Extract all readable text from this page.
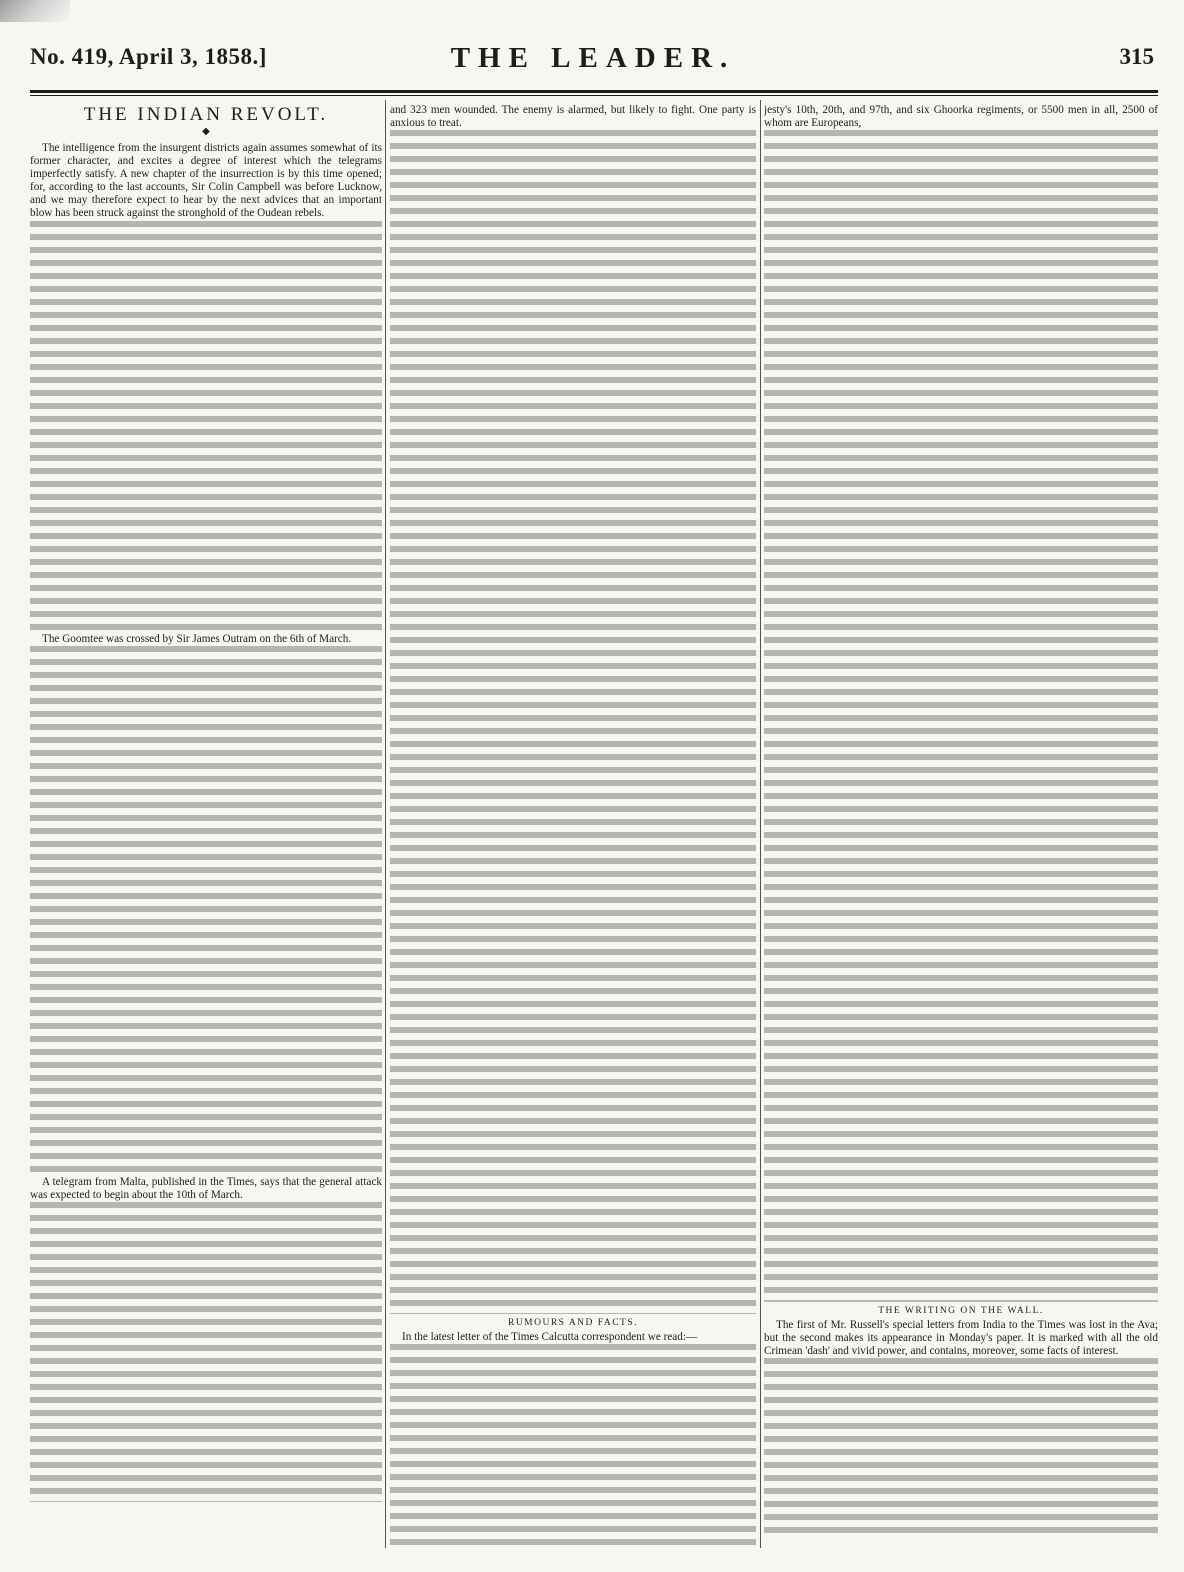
No. 419, April 3, 1858.]	THE LEADER.	315
THE INDIAN REVOLT.
◆

The intelligence from the insurgent districts again assumes somewhat of its former character, and excites a degree of interest which the telegrams imperfectly satisfy. A new chapter of the insurrection is by this time opened; for, according to the last accounts, Sir Colin Campbell was before Lucknow, and we may therefore expect to hear by the next advices that an important blow has been struck against the stronghold of the Oudean rebels.

The Goomtee was crossed by Sir James Outram on the 6th of March.

A telegram from Malta, published in the Times, says that the general attack was expected to begin about the 10th of March.

and 323 men wounded. The enemy is alarmed, but likely to fight. One party is anxious to treat.

RUMOURS AND FACTS.

In the latest letter of the Times Calcutta correspondent we read:—

jesty's 10th, 20th, and 97th, and six Ghoorka regiments, or 5500 men in all, 2500 of whom are Europeans,

THE WRITING ON THE WALL.

The first of Mr. Russell's special letters from India to the Times was lost in the Ava; but the second makes its appearance in Monday's paper. It is marked with all the old Crimean 'dash' and vivid power, and contains, moreover, some facts of interest.
